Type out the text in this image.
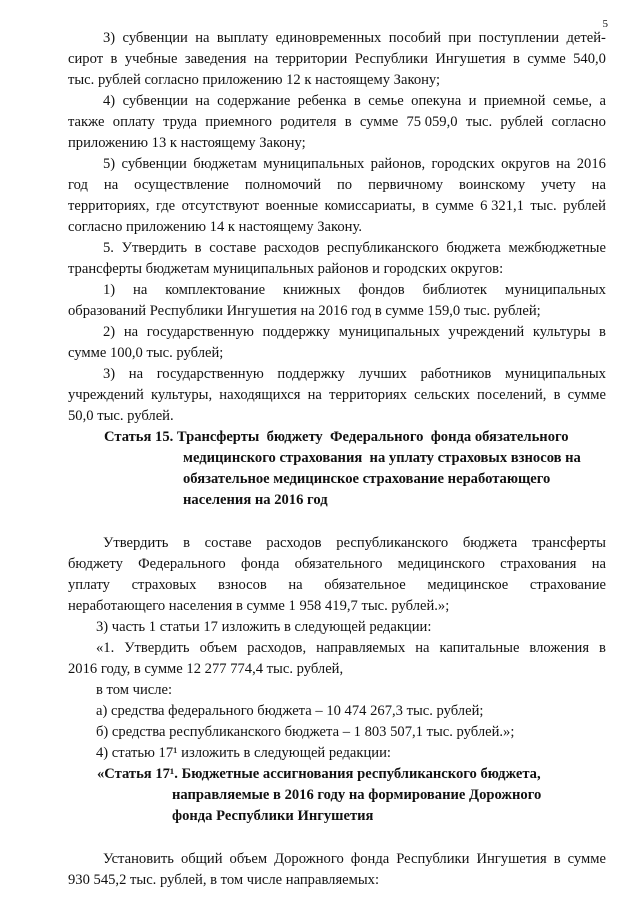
5
3) субвенции на выплату единовременных пособий при поступлении детей-
сирот в учебные заведения на территории Республики Ингушетия в сумме 540,0
тыс. рублей согласно приложению 12 к настоящему Закону;
4) субвенции на содержание ребенка в семье опекуна и приемной семье, а
также оплату труда приемного родителя в сумме 75 059,0 тыс. рублей согласно
приложению 13 к настоящему Закону;
5) субвенции бюджетам муниципальных районов, городских округов на 2016
год на осуществление полномочий по первичному воинскому учету на
территориях, где отсутствуют военные комиссариаты, в сумме 6 321,1 тыс. рублей
согласно приложению 14 к настоящему Закону.
5. Утвердить в составе расходов республиканского бюджета межбюджетные
трансферты бюджетам муниципальных районов и городских округов:
1) на комплектование книжных фондов библиотек муниципальных
образований Республики Ингушетия на 2016 год в сумме 159,0 тыс. рублей;
2) на государственную поддержку муниципальных учреждений культуры в
сумме 100,0 тыс. рублей;
3) на государственную поддержку лучших работников муниципальных
учреждений культуры, находящихся на территориях сельских поселений, в сумме
50,0 тыс. рублей.
Статья 15. Трансферты  бюджету  Федерального  фонда обязательного
медицинского страхования  на уплату страховых взносов на
обязательное медицинское страхование неработающего
населения на 2016 год
Утвердить в составе расходов республиканского бюджета трансферты
бюджету Федерального фонда обязательного медицинского страхования на
уплату страховых взносов на обязательное медицинское страхование
неработающего населения в сумме 1 958 419,7 тыс. рублей.»;
3) часть 1 статьи 17 изложить в следующей редакции:
«1. Утвердить объем расходов, направляемых на капитальные вложения в
2016 году, в сумме 12 277 774,4 тыс. рублей,
в том числе:
а) средства федерального бюджета – 10 474 267,3 тыс. рублей;
б) средства республиканского бюджета – 1 803 507,1 тыс. рублей.»;
4) статью 17¹ изложить в следующей редакции:
«Статья 17¹. Бюджетные ассигнования республиканского бюджета,
направляемые в 2016 году на формирование Дорожного
фонда Республики Ингушетия
Установить общий объем Дорожного фонда Республики Ингушетия в сумме
930 545,2 тыс. рублей, в том числе направляемых:
